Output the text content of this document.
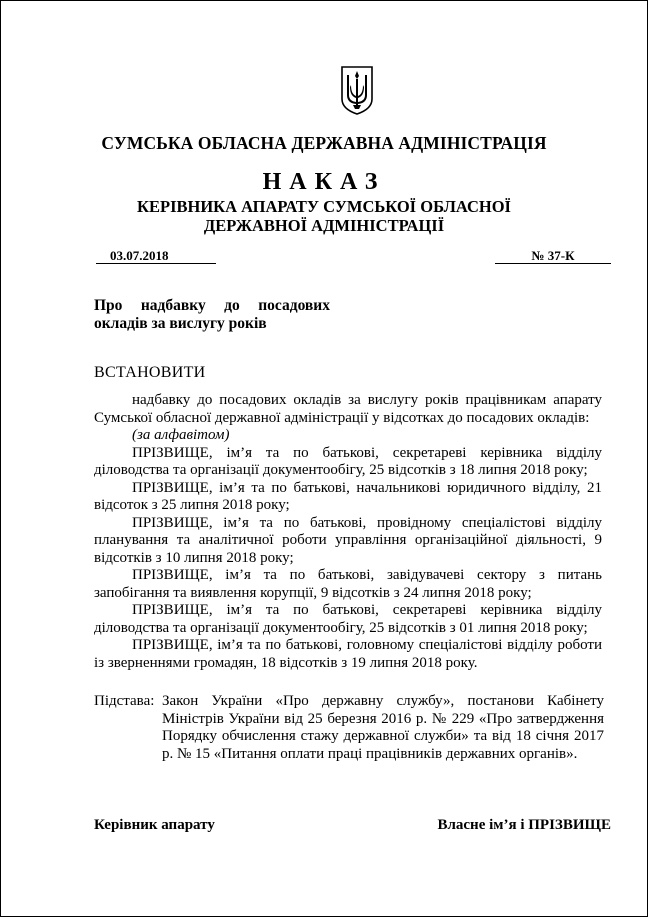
СУМСЬКА ОБЛАСНА ДЕРЖАВНА АДМІНІСТРАЦІЯ
НАКАЗ
КЕРІВНИКА АПАРАТУ СУМСЬКОЇ ОБЛАСНОЇ
ДЕРЖАВНОЇ АДМІНІСТРАЦІЇ
03.07.2018	№ 37-К
Про надбавку до посадових
окладів за вислугу років
ВСТАНОВИТИ

надбавку до посадових окладів за вислугу років працівникам апарату Сумської обласної державної адміністрації у відсотках до посадових окладів:

(за алфавітом)

ПРІЗВИЩЕ, ім’я та по батькові, секретареві керівника відділу діловодства та організації документообігу, 25 відсотків з 18 липня 2018 року;

ПРІЗВИЩЕ, ім’я та по батькові, начальникові юридичного відділу, 21 відсоток з 25 липня 2018 року;

ПРІЗВИЩЕ, ім’я та по батькові, провідному спеціалістові відділу планування та аналітичної роботи управління організаційної діяльності, 9 відсотків з 10 липня 2018 року;

ПРІЗВИЩЕ, ім’я та по батькові, завідувачеві сектору з питань запобігання та виявлення корупції, 9 відсотків з 24 липня 2018 року;

ПРІЗВИЩЕ, ім’я та по батькові, секретареві керівника відділу діловодства та організації документообігу, 25 відсотків з 01 липня 2018 року;

ПРІЗВИЩЕ, ім’я та по батькові, головному спеціалістові відділу роботи із зверненнями громадян, 18 відсотків з 19 липня 2018 року.

Підстава: Закон України «Про державну службу», постанови Кабінету Міністрів України від 25 березня 2016 р. № 229 «Про затвердження Порядку обчислення стажу державної служби» та від 18 січня 2017 р. № 15 «Питання оплати праці працівників державних органів».
Керівник апарату	Власне ім’я і ПРІЗВИЩЕ
